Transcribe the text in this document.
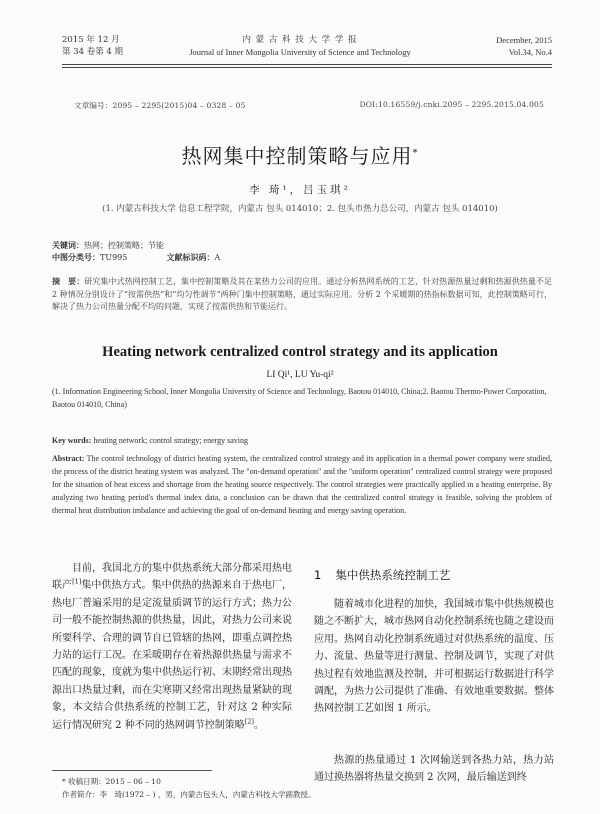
2015 年 12 月
第 34 卷第 4 期
内 蒙 古 科 技 大 学 学 报
Journal of Inner Mongolia University of Science and Technology
December, 2015
Vol.34, No.4
文章编号：2095 – 2295(2015)04 – 0328 – 05	DOI:10.16559/j.cnki.2095 – 2295.2015.04.005
热网集中控制策略与应用*
李 琦¹，吕玉琪²
(1. 内蒙古科技大学 信息工程学院，内蒙古 包头 014010；2. 包头市热力总公司，内蒙古 包头 014010)
关键词：热网；控制策略；节能
中图分类号：TU995	文献标识码：A
摘　要：研究集中式热网控制工艺，集中控制策略及其在某热力公司的应用。通过分析热网系统的工艺，针对热源热量过剩和热源供热量不足 2 种情况分别设计了“按需供热”和“均匀性调节”两种门集中控制策略，通过实际应用。分析 2 个采暖期的热指标数据可知，此控制策略可行，解决了热力公司热量分配不均的问题，实现了按需供热和节能运行。
Heating network centralized control strategy and its application
LI Qi¹, LU Yu-qi²
(1. Information Engineering School, Inner Mongolia University of Science and Technology, Baotou 014010, China;2. Baotou Thermo-Power Corporation, Baotou 014010, China)
Key words: heating network; control strategy; energy saving
Abstract: The control technology of district heating system, the centralized control strategy and its application in a thermal power company were studied, the process of the district heating system was analyzed. The "on-demand operation" and the "uniform operation" centralized control strategy were proposed for the situation of heat excess and shortage from the heating source respectively. The control strategies were practically applied in a heating enterprise. By analyzing two heating period's thermal index data, a conclusion can be drawn that the centralized control strategy is feasible, solving the problem of thermal heat distribution imbalance and achieving the goal of on-demand heating and energy saving operation.
目前，我国北方的集中供热系统大部分都采用热电联产[1]集中供热方式。集中供热的热源来自于热电厂，热电厂普遍采用的是定流量质调节的运行方式；热力公司一般不能控制热源的供热量，因此，对热力公司来说所要科学、合理的调节自已管辖的热网，即重点调控热力站的运行工况。在采暖期存在着热源供热量与需求不匹配的现象，度就为集中供热运行初、末期经常出现热源出口热量过剩，而在尖寒期又经常出现热量紧缺的现象，本文结合供热系统的控制工艺，针对这 2 种实际运行情况研究 2 种不同的热网调节控制策略[2]。
1 集中供热系统控制工艺
随着城市化进程的加快，我国城市集中供热规模也随之不断扩大，城市热网自动化控制系统也随之建设而应用。热网自动化控制系统通过对供热系统的温度、压力、流量、热量等进行测量、控制及调节，实现了对供热过程有效地监测及控制，并可根据运行数据进行科学调配，为热力公司提供了准确、有效地重要数据。整体热网控制工艺如图 1 所示。
热源的热量通过 1 次网输送到各热力站，热力站通过换热器将热量交换到 2 次网，最后输送到终
* 收稿日期：2015 – 06 – 10
作者简介：李　琦(1972 – ) ，男，内蒙古包头人，内蒙古科技大学副教授。
